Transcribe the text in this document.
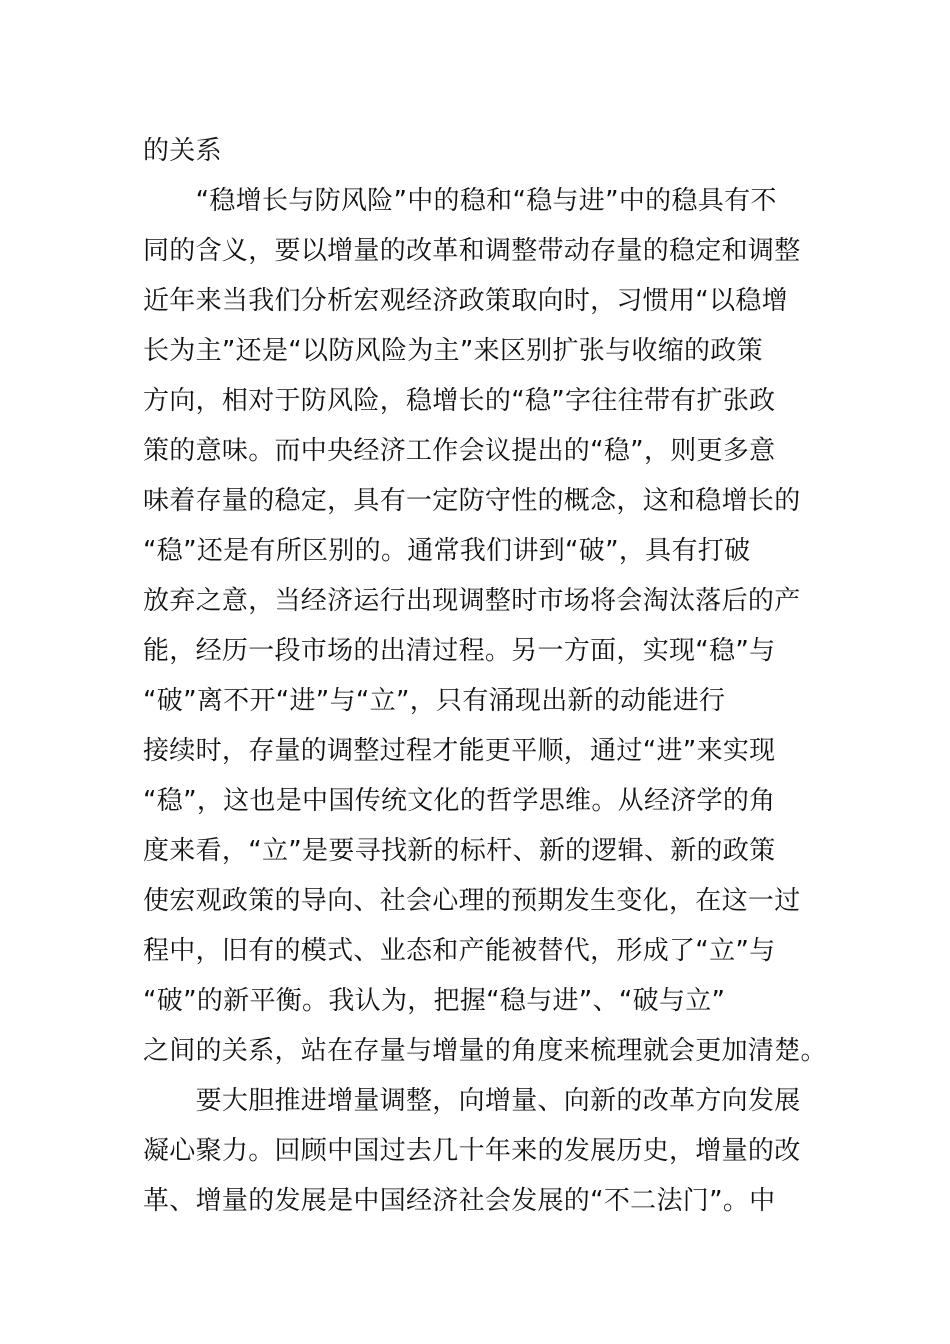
的关系
　　“稳增长与防风险”中的稳和“稳与进”中的稳具有不
同的含义，要以增量的改革和调整带动存量的稳定和调整
近年来当我们分析宏观经济政策取向时，习惯用“以稳增
长为主”还是“以防风险为主”来区别扩张与收缩的政策
方向，相对于防风险，稳增长的“稳”字往往带有扩张政
策的意味。而中央经济工作会议提出的“稳”，则更多意
味着存量的稳定，具有一定防守性的概念，这和稳增长的
“稳”还是有所区别的。通常我们讲到“破”，具有打破
放弃之意，当经济运行出现调整时市场将会淘汰落后的产
能，经历一段市场的出清过程。另一方面，实现“稳”与
“破”离不开“进”与“立”，只有涌现出新的动能进行
接续时，存量的调整过程才能更平顺，通过“进”来实现
“稳”，这也是中国传统文化的哲学思维。从经济学的角
度来看，“立”是要寻找新的标杆、新的逻辑、新的政策
使宏观政策的导向、社会心理的预期发生变化，在这一过
程中，旧有的模式、业态和产能被替代，形成了“立”与
“破”的新平衡。我认为，把握“稳与进”、“破与立”
之间的关系，站在存量与增量的角度来梳理就会更加清楚。
　　要大胆推进增量调整，向增量、向新的改革方向发展
凝心聚力。回顾中国过去几十年来的发展历史，增量的改
革、增量的发展是中国经济社会发展的“不二法门”。中
